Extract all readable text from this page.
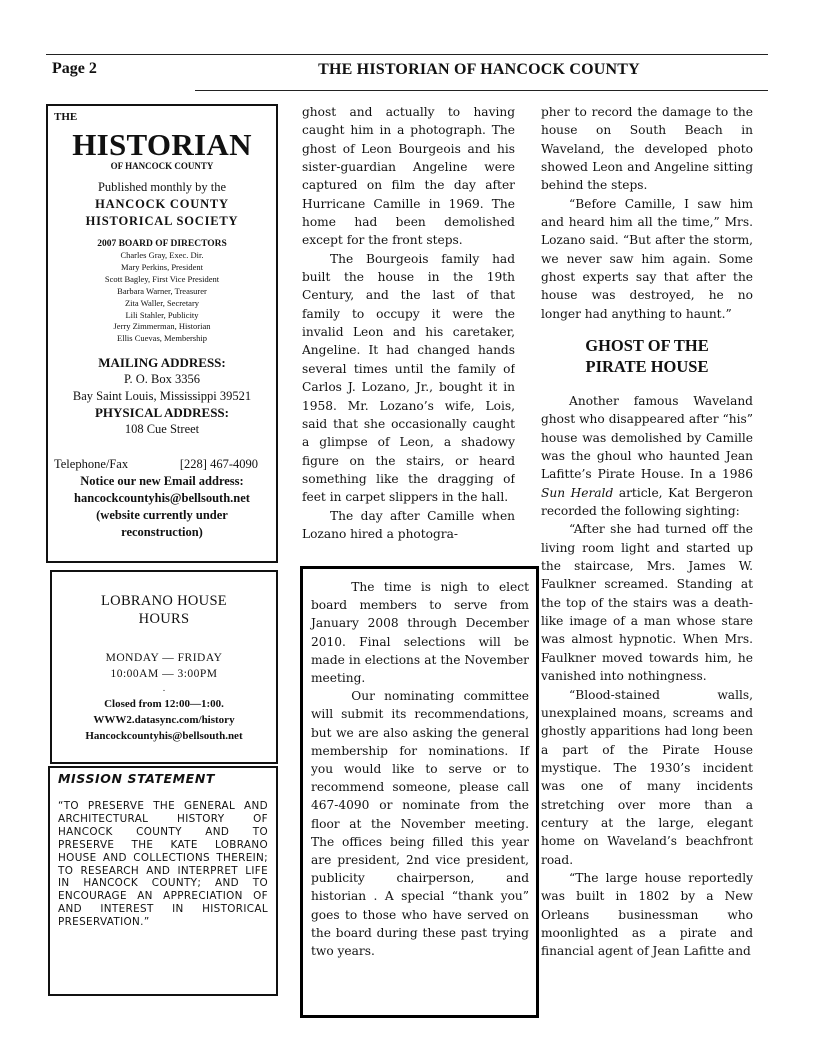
Page 2	THE HISTORIAN OF HANCOCK COUNTY
THE
HISTORIAN
OF HANCOCK COUNTY
Published monthly by the
HANCOCK COUNTY
HISTORICAL SOCIETY
2007 BOARD OF DIRECTORS
Charles Gray, Exec. Dir.
Mary Perkins, President
Scott Bagley, First Vice President
Barbara Warner, Treasurer
Zita Waller, Secretary
Lili Stahler, Publicity
Jerry Zimmerman, Historian
Ellis Cuevas, Membership
MAILING ADDRESS:
P. O. Box 3356
Bay Saint Louis, Mississippi 39521
PHYSICAL ADDRESS:
108 Cue Street
Telephone/Fax	[228] 467-4090
Notice our new Email address:
hancockcountyhis@bellsouth.net
(website currently under
reconstruction)
LOBRANO HOUSE
HOURS
MONDAY — FRIDAY
10:00AM — 3:00PM
.
Closed from 12:00—1:00.
WWW2.datasync.com/history
Hancockcountyhis@bellsouth.net
MISSION STATEMENT
“TO PRESERVE THE GENERAL AND ARCHITECTURAL HISTORY OF HANCOCK COUNTY AND TO PRESERVE THE KATE LOBRANO HOUSE AND COLLECTIONS THEREIN; TO RESEARCH AND INTERPRET LIFE IN HANCOCK COUNTY; AND TO ENCOURAGE AN APPRECIATION OF AND INTEREST IN HISTORICAL PRESERVATION.”

ghost and actually to having caught him in a photograph. The ghost of Leon Bourgeois and his sister-guardian Angeline were captured on film the day after Hurricane Camille in 1969. The home had been demolished except for the front steps.

The Bourgeois family had built the house in the 19th Century, and the last of that family to occupy it were the invalid Leon and his caretaker, Angeline. It had changed hands several times until the family of Carlos J. Lozano, Jr., bought it in 1958. Mr. Lozano’s wife, Lois, said that she occasionally caught a glimpse of Leon, a shadowy figure on the stairs, or heard something like the dragging of feet in carpet slippers in the hall.

The day after Camille when Lozano hired a photogra-

The time is nigh to elect board members to serve from January 2008 through December 2010. Final selections will be made in elections at the November meeting.

Our nominating committee will submit its recommendations, but we are also asking the general membership for nominations. If you would like to serve or to recommend someone, please call 467-4090 or nominate from the floor at the November meeting. The offices being filled this year are president, 2nd vice president, publicity chairperson, and historian . A special “thank you” goes to those who have served on the board during these past trying two years.

pher to record the damage to the house on South Beach in Waveland, the developed photo showed Leon and Angeline sitting behind the steps.

“Before Camille, I saw him and heard him all the time,” Mrs. Lozano said. “But after the storm, we never saw him again. Some ghost experts say that after the house was destroyed, he no longer had anything to haunt.”

GHOST OF THE
PIRATE HOUSE

Another famous Waveland ghost who disappeared after “his” house was demolished by Camille was the ghoul who haunted Jean Lafitte’s Pirate House. In a 1986 Sun Herald article, Kat Bergeron recorded the following sighting:

“After she had turned off the living room light and started up the staircase, Mrs. James W. Faulkner screamed. Standing at the top of the stairs was a death-like image of a man whose stare was almost hypnotic. When Mrs. Faulkner moved towards him, he vanished into nothingness.

“Blood-stained walls, unexplained moans, screams and ghostly apparitions had long been a part of the Pirate House mystique. The 1930’s incident was one of many incidents stretching over more than a century at the large, elegant home on Waveland’s beachfront road.

“The large house reportedly was built in 1802 by a New Orleans businessman who moonlighted as a pirate and financial agent of Jean Lafitte and
